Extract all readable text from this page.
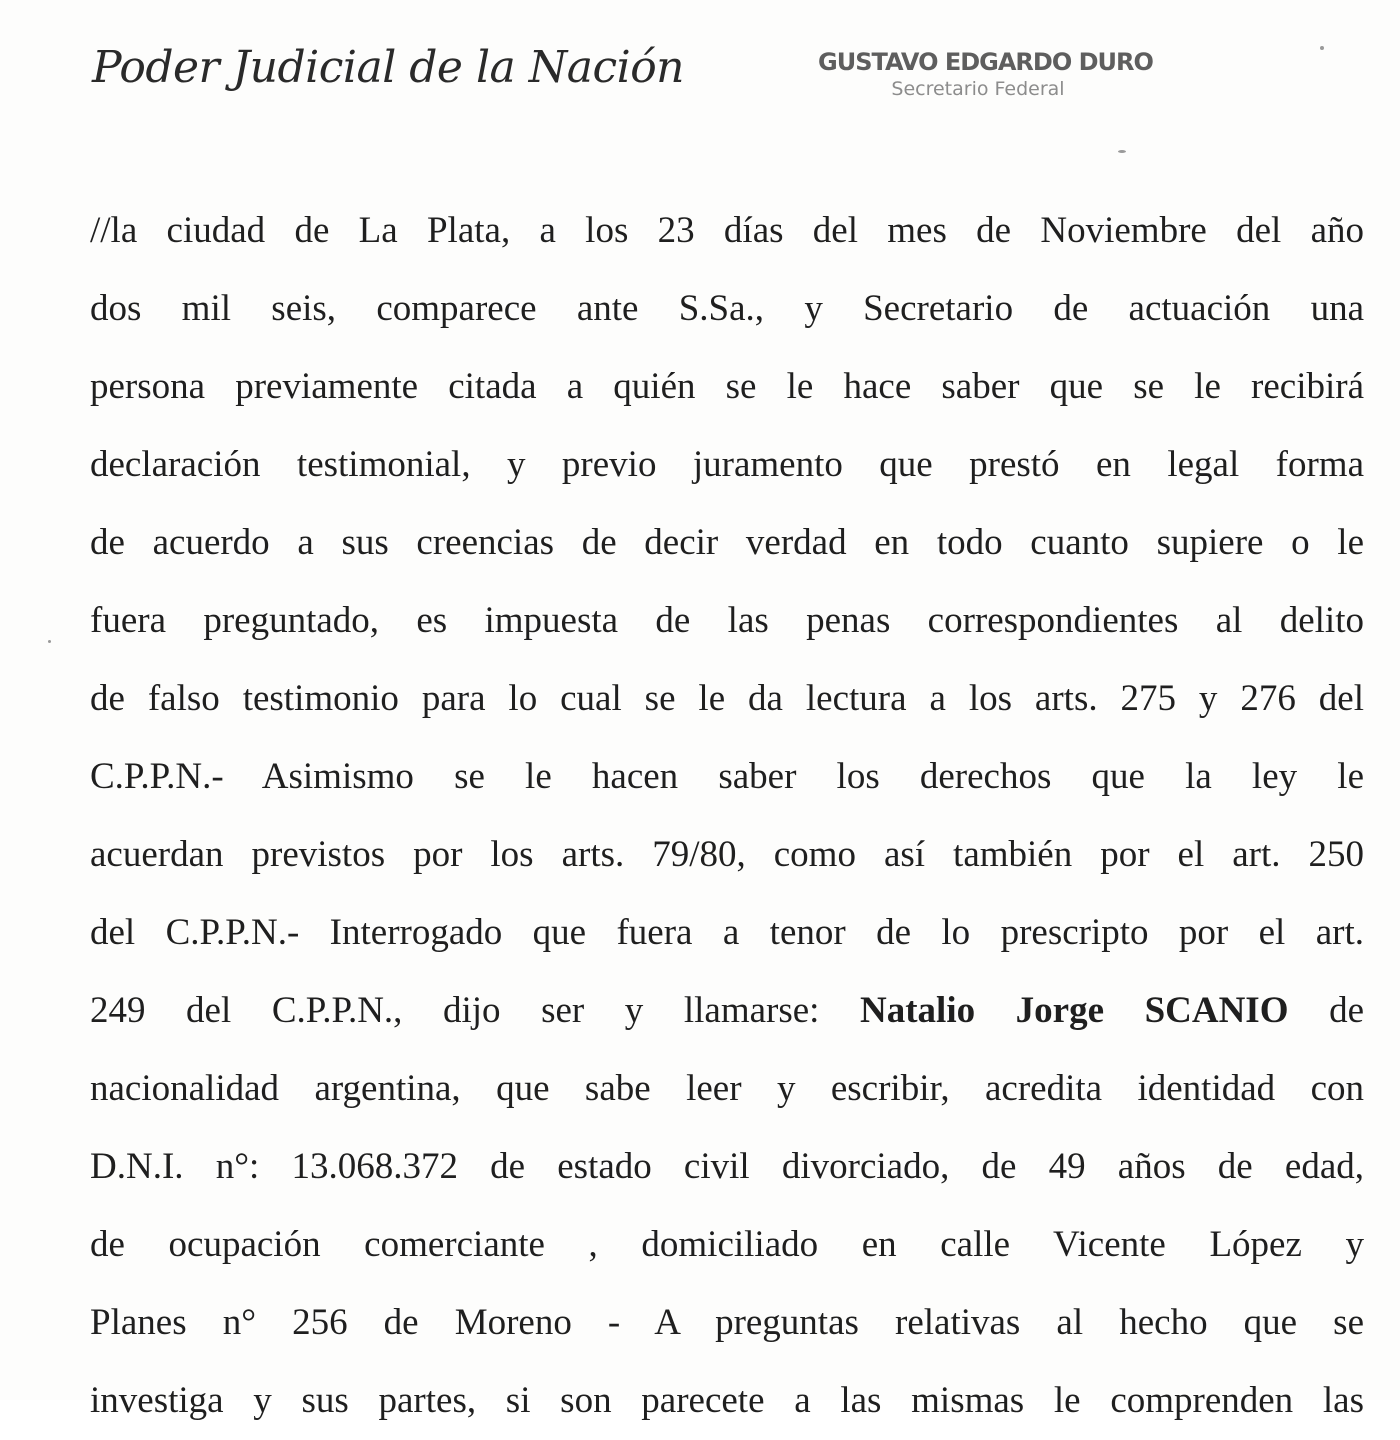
Poder Judicial de la Nación	GUSTAVO EDGARDO DURO
Secretario Federal
//la ciudad de La Plata, a los 23 días del mes de Noviembre del año
dos mil seis, comparece ante S.Sa., y Secretario de actuación una
persona previamente citada a quién se le hace saber que se le recibirá
declaración testimonial, y previo juramento que prestó en legal forma
de acuerdo a sus creencias de decir verdad en todo cuanto supiere o le
fuera preguntado, es impuesta de las penas correspondientes al delito
de falso testimonio para lo cual se le da lectura a los arts. 275 y 276 del
C.P.P.N.- Asimismo se le hacen saber los derechos que la ley le
acuerdan previstos por los arts. 79/80, como así también por el art. 250
del C.P.P.N.- Interrogado que fuera a tenor de lo prescripto por el art.
249 del C.P.P.N., dijo ser y llamarse: Natalio Jorge SCANIO de
nacionalidad argentina, que sabe leer y escribir, acredita identidad con
D.N.I. n°: 13.068.372 de estado civil divorciado, de 49 años de edad,
de ocupación comerciante , domiciliado en calle Vicente López y
Planes n° 256 de Moreno - A preguntas relativas al hecho que se
investiga y sus partes, si son parecete a las mismas le comprenden las
